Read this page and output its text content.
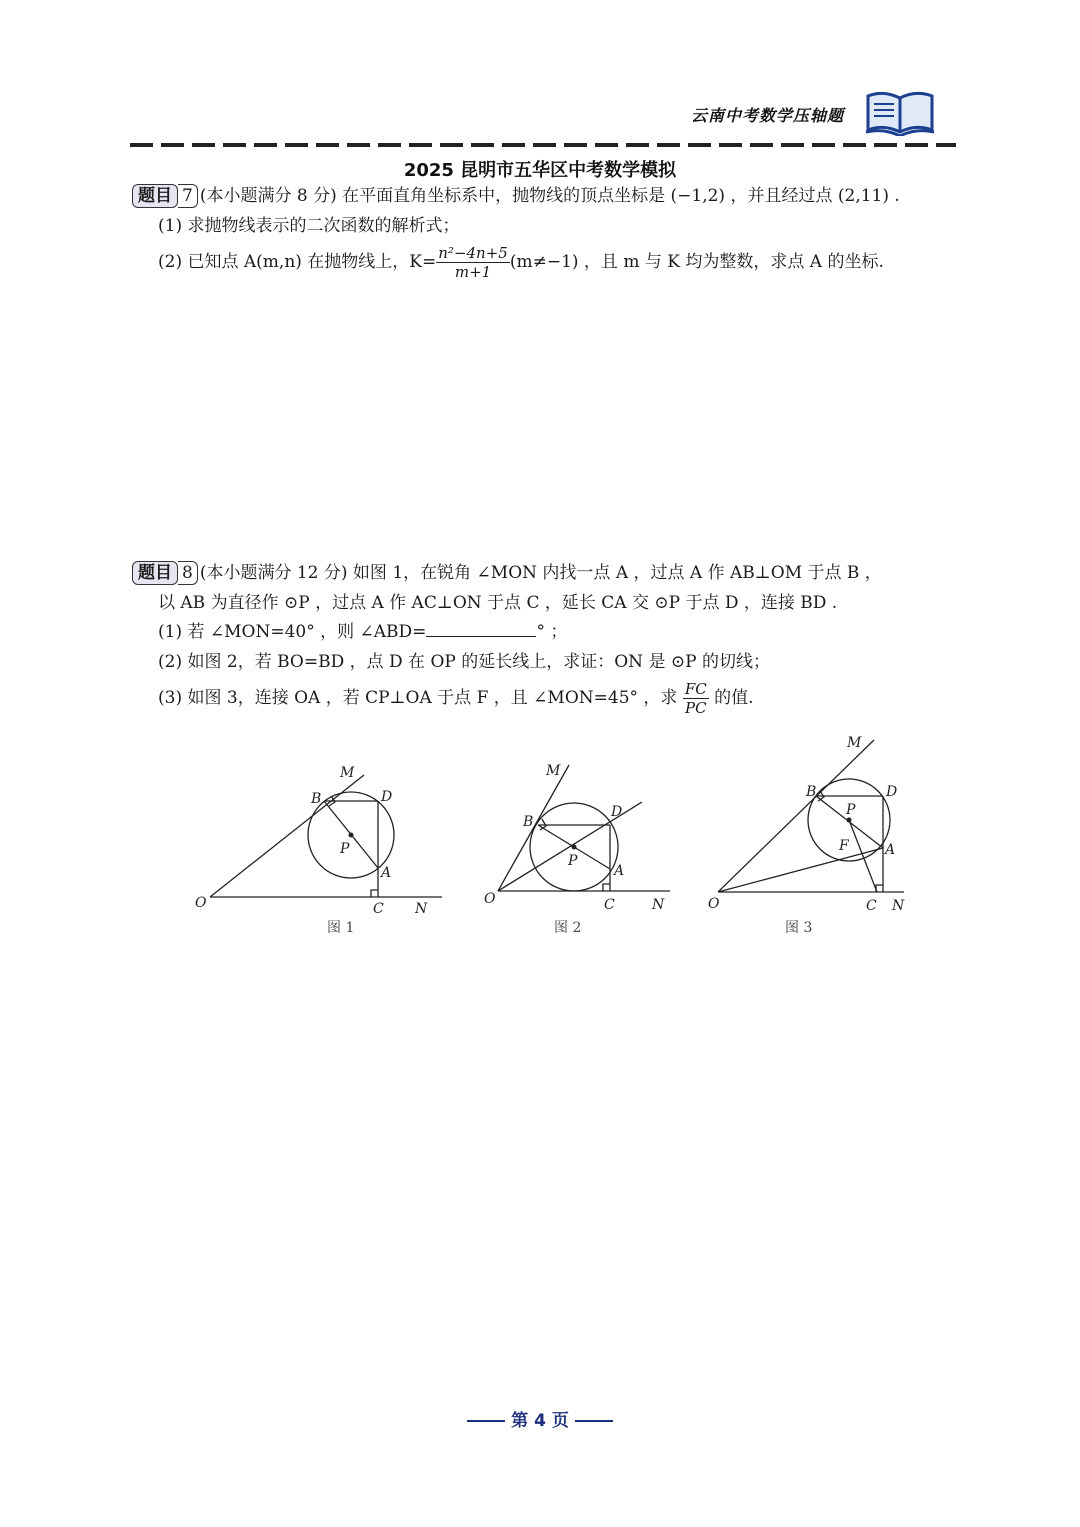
云南中考数学压轴题
2025 昆明市五华区中考数学模拟
题目 7 (本小题满分 8 分) 在平面直角坐标系中，抛物线的顶点坐标是 (−1,2) ，并且经过点 (2,11) .
(1) 求抛物线表示的二次函数的解析式；
(2) 已知点 A(m,n) 在抛物线上，$K= \frac{\text{n²−4n+5}}{m+1} (m\ne-1)$ ，且 m 与 K 均为整数，求点 A 的坐标.
题目 8 (本小题满分 12 分) 如图 1，在锐角 ∠MON 内找一点 A ，过点 A 作 AB⊥OM 于点 B ，
以 AB 为直径作 ⊙P ，过点 A 作 AC⊥ON 于点 C ，延长 CA 交 ⊙P 于点 D ，连接 BD .
(1) 若 ∠MON=40° ，则 ∠ABD=	° ；
(2) 如图 2，若 BO=BD ，点 D 在 OP 的延长线上，求证：ON 是 ⊙P 的切线；
(3) 如图 3，连接 OA ，若 CP⊥OA 于点 F ，且 ∠MON=45° ，求 $\frac{FC}{PC}$ 的值.
M
B	D
P
A
O	C N
图 1
M
B
D
P
A
O	C	N
图 2
M
B	D
P
F	A
O	C N
图 3
第 4 页
